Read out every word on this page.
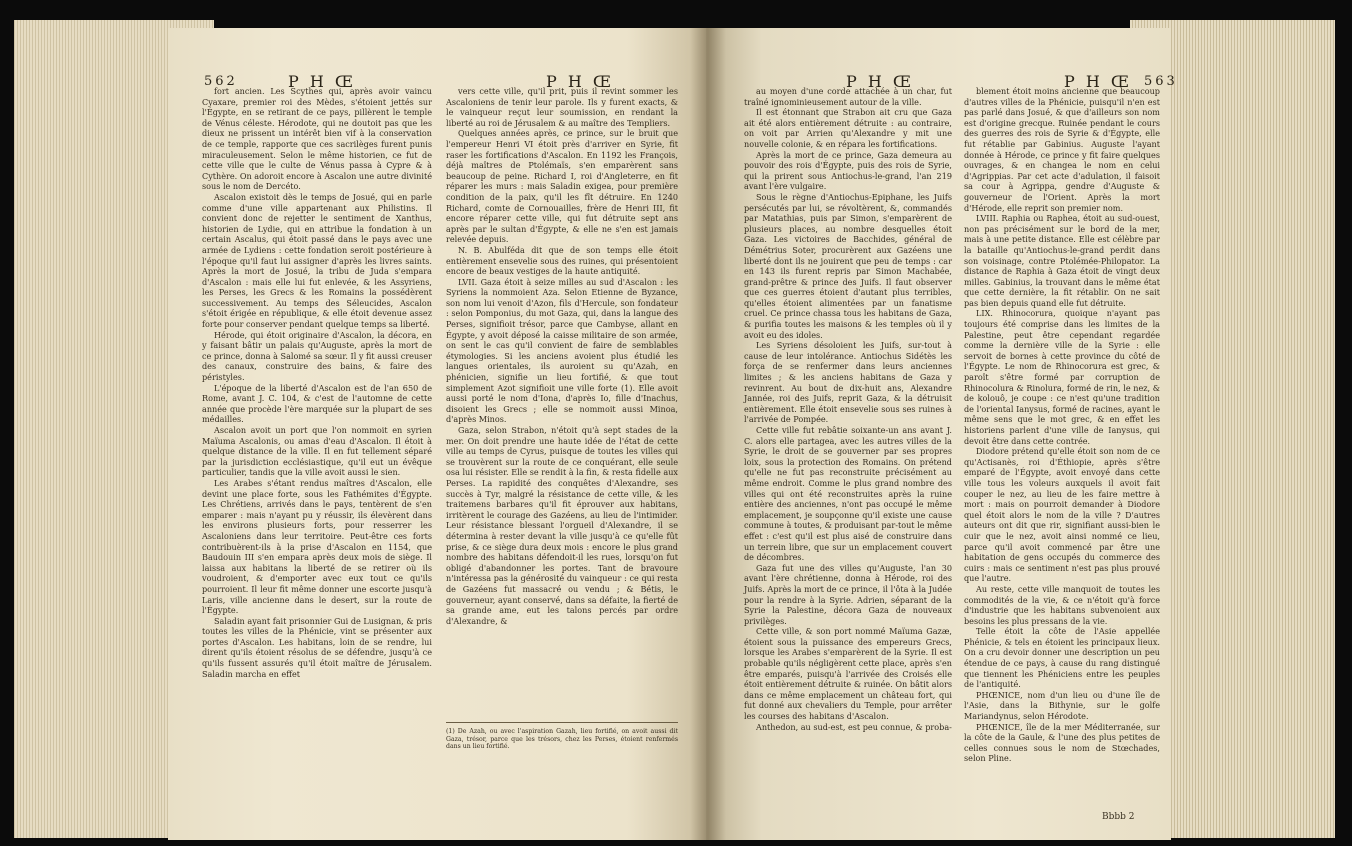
562	P H Œ	P H Œ

fort ancien. Les Scythes qui, après avoir vaincu Cyaxare, premier roi des Mèdes, s'étoient jettés sur l'Égypte, en se retirant de ce pays, pillèrent le temple de Vénus céleste. Hérodote, qui ne doutoit pas que les dieux ne prissent un intérêt bien vif à la conservation de ce temple, rapporte que ces sacrilèges furent punis miraculeusement. Selon le même historien, ce fut de cette ville que le culte de Vénus passa à Cypre & à Cythère. On adoroit encore à Ascalon une autre divinité sous le nom de Dercéto.

Ascalon existoit dès le temps de Josué, qui en parle comme d'une ville appartenant aux Philistins. Il convient donc de rejetter le sentiment de Xanthus, historien de Lydie, qui en attribue la fondation à un certain Ascalus, qui étoit passé dans le pays avec une armée de Lydiens : cette fondation seroit postérieure à l'époque qu'il faut lui assigner d'après les livres saints. Après la mort de Josué, la tribu de Juda s'empara d'Ascalon : mais elle lui fut enlevée, & les Assyriens, les Perses, les Grecs & les Romains la possédèrent successivement. Au temps des Séleucides, Ascalon s'étoit érigée en république, & elle étoit devenue assez forte pour conserver pendant quelque temps sa liberté.

Hérode, qui étoit originaire d'Ascalon, la décora, en y faisant bâtir un palais qu'Auguste, après la mort de ce prince, donna à Salomé sa sœur. Il y fit aussi creuser des canaux, construire des bains, & faire des péristyles.

L'époque de la liberté d'Ascalon est de l'an 650 de Rome, avant J. C. 104, & c'est de l'automne de cette année que procède l'ère marquée sur la plupart de ses médailles.

Ascalon avoit un port que l'on nommoit en syrien Maïuma Ascalonis, ou amas d'eau d'Ascalon. Il étoit à quelque distance de la ville. Il en fut tellement séparé par la jurisdiction ecclésiastique, qu'il eut un évêque particulier, tandis que la ville avoit aussi le sien.

Les Arabes s'étant rendus maîtres d'Ascalon, elle devint une place forte, sous les Fathémites d'Égypte. Les Chrétiens, arrivés dans le pays, tentèrent de s'en emparer : mais n'ayant pu y réussir, ils élevèrent dans les environs plusieurs forts, pour resserrer les Ascaloniens dans leur territoire. Peut-être ces forts contribuèrent-ils à la prise d'Ascalon en 1154, que Baudouin III s'en empara après deux mois de siège. Il laissa aux habitans la liberté de se retirer où ils voudroient, & d'emporter avec eux tout ce qu'ils pourroient. Il leur fit même donner une escorte jusqu'à Laris, ville ancienne dans le desert, sur la route de l'Égypte.

Saladin ayant fait prisonnier Gui de Lusignan, & pris toutes les villes de la Phénicie, vint se présenter aux portes d'Ascalon. Les habitans, loin de se rendre, lui dirent qu'ils étoient résolus de se défendre, jusqu'à ce qu'ils fussent assurés qu'il étoit maître de Jérusalem. Saladin marcha en effet

vers cette ville, qu'il prit, puis il revint sommer les Ascaloniens de tenir leur parole. Ils y furent exacts, & le vainqueur reçut leur soumission, en rendant la liberté au roi de Jérusalem & au maître des Templiers.

Quelques années après, ce prince, sur le bruit que l'empereur Henri VI étoit près d'arriver en Syrie, fit raser les fortifications d'Ascalon. En 1192 les François, déjà maîtres de Ptolémaïs, s'en emparèrent sans beaucoup de peine. Richard I, roi d'Angleterre, en fit réparer les murs : mais Saladin exigea, pour première condition de la paix, qu'il les fît détruire. En 1240 Richard, comte de Cornouailles, frère de Henri III, fit encore réparer cette ville, qui fut détruite sept ans après par le sultan d'Égypte, & elle ne s'en est jamais relevée depuis.

N. B. Abulféda dit que de son temps elle étoit entièrement ensevelie sous des ruines, qui présentoient encore de beaux vestiges de la haute antiquité.

LVII. Gaza étoit à seize milles au sud d'Ascalon : les Syriens la nommoient Aza. Selon Etienne de Byzance, son nom lui venoit d'Azon, fils d'Hercule, son fondateur : selon Pomponius, du mot Gaza, qui, dans la langue des Perses, signifioit trésor, parce que Cambyse, allant en Égypte, y avoit déposé la caisse militaire de son armée, on sent le cas qu'il convient de faire de semblables étymologies. Si les anciens avoient plus étudié les langues orientales, ils auroient su qu'Azah, en phénicien, signifie un lieu fortifié, & que tout simplement Azot signifioit une ville forte (1). Elle avoit aussi porté le nom d'Iona, d'après Io, fille d'Inachus, disoient les Grecs ; elle se nommoit aussi Minoa, d'après Minos.

Gaza, selon Strabon, n'étoit qu'à sept stades de la mer. On doit prendre une haute idée de l'état de cette ville au temps de Cyrus, puisque de toutes les villes qui se trouvèrent sur la route de ce conquérant, elle seule osa lui résister. Elle se rendit à la fin, & resta fidelle aux Perses. La rapidité des conquêtes d'Alexandre, ses succès à Tyr, malgré la résistance de cette ville, & les traitemens barbares qu'il fit éprouver aux habitans, irritèrent le courage des Gazéens, au lieu de l'intimider. Leur résistance blessant l'orgueil d'Alexandre, il se détermina à rester devant la ville jusqu'à ce qu'elle fût prise, & ce siège dura deux mois : encore le plus grand nombre des habitans défendoit-il les rues, lorsqu'on fut obligé d'abandonner les portes. Tant de bravoure n'intéressa pas la générosité du vainqueur : ce qui resta de Gazéens fut massacré ou vendu ; & Bétis, le gouverneur, ayant conservé, dans sa défaite, la fierté de sa grande ame, eut les talons percés par ordre d'Alexandre, &

(1) De Azah, ou avec l'aspiration Gazah, lieu fortifié, on avoit aussi dit Gaza, trésor, parce que les trésors, chez les Perses, étoient renfermés dans un lieu fortifié.
P H Œ	P H Œ 563

au moyen d'une corde attachée à un char, fut traîné ignominieusement autour de la ville.

Il est étonnant que Strabon ait cru que Gaza ait été alors entièrement détruite : au contraire, on voit par Arrien qu'Alexandre y mit une nouvelle colonie, & en répara les fortifications.

Après la mort de ce prince, Gaza demeura au pouvoir des rois d'Égypte, puis des rois de Syrie, qui la prirent sous Antiochus-le-grand, l'an 219 avant l'ère vulgaire.

Sous le règne d'Antiochus-Epiphane, les Juifs persécutés par lui, se révoltèrent, &, commandés par Matathias, puis par Simon, s'emparèrent de plusieurs places, au nombre desquelles étoit Gaza. Les victoires de Bacchides, général de Démétrius Soter, procurèrent aux Gazéens une liberté dont ils ne jouirent que peu de temps : car en 143 ils furent repris par Simon Machabée, grand-prêtre & prince des Juifs. Il faut observer que ces guerres étoient d'autant plus terribles, qu'elles étoient alimentées par un fanatisme cruel. Ce prince chassa tous les habitans de Gaza, & purifia toutes les maisons & les temples où il y avoit eu des idoles.

Les Syriens désoloient les Juifs, sur-tout à cause de leur intolérance. Antiochus Sidétès les força de se renfermer dans leurs anciennes limites ; & les anciens habitans de Gaza y revinrent. Au bout de dix-huit ans, Alexandre Jannée, roi des Juifs, reprit Gaza, & la détruisit entièrement. Elle étoit ensevelie sous ses ruines à l'arrivée de Pompée.

Cette ville fut rebâtie soixante-un ans avant J. C. alors elle partagea, avec les autres villes de la Syrie, le droit de se gouverner par ses propres loix, sous la protection des Romains. On prétend qu'elle ne fut pas reconstruite précisément au même endroit. Comme le plus grand nombre des villes qui ont été reconstruites après la ruine entière des anciennes, n'ont pas occupé le même emplacement, je soupçonne qu'il existe une cause commune à toutes, & produisant par-tout le même effet : c'est qu'il est plus aisé de construire dans un terrein libre, que sur un emplacement couvert de décombres.

Gaza fut une des villes qu'Auguste, l'an 30 avant l'ère chrétienne, donna à Hérode, roi des Juifs. Après la mort de ce prince, il l'ôta à la Judée pour la rendre à la Syrie. Adrien, séparant de la Syrie la Palestine, décora Gaza de nouveaux privilèges.

Cette ville, & son port nommé Maïuma Gazæ, étoient sous la puissance des empereurs Grecs, lorsque les Arabes s'emparèrent de la Syrie. Il est probable qu'ils négligèrent cette place, après s'en être emparés, puisqu'à l'arrivée des Croisés elle étoit entièrement détruite & ruinée. On bâtit alors dans ce même emplacement un château fort, qui fut donné aux chevaliers du Temple, pour arrêter les courses des habitans d'Ascalon.

Anthedon, au sud-est, est peu connue, & proba-

blement étoit moins ancienne que beaucoup d'autres villes de la Phénicie, puisqu'il n'en est pas parlé dans Josué, & que d'ailleurs son nom est d'origine grecque. Ruinée pendant le cours des guerres des rois de Syrie & d'Égypte, elle fut rétablie par Gabinius. Auguste l'ayant donnée à Hérode, ce prince y fit faire quelques ouvrages, & en changea le nom en celui d'Agrippias. Par cet acte d'adulation, il faisoit sa cour à Agrippa, gendre d'Auguste & gouverneur de l'Orient. Après la mort d'Hérode, elle reprit son premier nom.

LVIII. Raphia ou Raphea, étoit au sud-ouest, non pas précisément sur le bord de la mer, mais à une petite distance. Elle est célèbre par la bataille qu'Antiochus-le-grand perdit dans son voisinage, contre Ptolémée-Philopator. La distance de Raphia à Gaza étoit de vingt deux milles. Gabinius, la trouvant dans le même état que cette dernière, la fit rétablir. On ne sait pas bien depuis quand elle fut détruite.

LIX. Rhinocorura, quoique n'ayant pas toujours été comprise dans les limites de la Palestine, peut être cependant regardée comme la dernière ville de la Syrie : elle servoit de bornes à cette province du côté de l'Égypte. Le nom de Rhinocorura est grec, & paroît s'être formé par corruption de Rhinocolura & Rinolura, formé de rin, le nez, & de kolouô, je coupe : ce n'est qu'une tradition de l'oriental Ianysus, formé de racines, ayant le même sens que le mot grec, & en effet les historiens parlent d'une ville de Ianysus, qui devoit être dans cette contrée.

Diodore prétend qu'elle étoit son nom de ce qu'Actisanès, roi d'Éthiopie, après s'être emparé de l'Égypte, avoit envoyé dans cette ville tous les voleurs auxquels il avoit fait couper le nez, au lieu de les faire mettre à mort : mais on pourroit demander à Diodore quel étoit alors le nom de la ville ? D'autres auteurs ont dit que rir, signifiant aussi-bien le cuir que le nez, avoit ainsi nommé ce lieu, parce qu'il avoit commencé par être une habitation de gens occupés du commerce des cuirs : mais ce sentiment n'est pas plus prouvé que l'autre.

Au reste, cette ville manquoit de toutes les commodités de la vie, & ce n'étoit qu'à force d'industrie que les habitans subvenoient aux besoins les plus pressans de la vie.

Telle étoit la côte de l'Asie appellée Phénicie, & tels en étoient les principaux lieux. On a cru devoir donner une description un peu étendue de ce pays, à cause du rang distingué que tiennent les Phéniciens entre les peuples de l'antiquité.

PHŒNICE, nom d'un lieu ou d'une île de l'Asie, dans la Bithynie, sur le golfe Mariandynus, selon Hérodote.

PHŒNICE, île de la mer Méditerranée, sur la côte de la Gaule, & l'une des plus petites de celles connues sous le nom de Stœchades, selon Pline.

Bbbb 2
